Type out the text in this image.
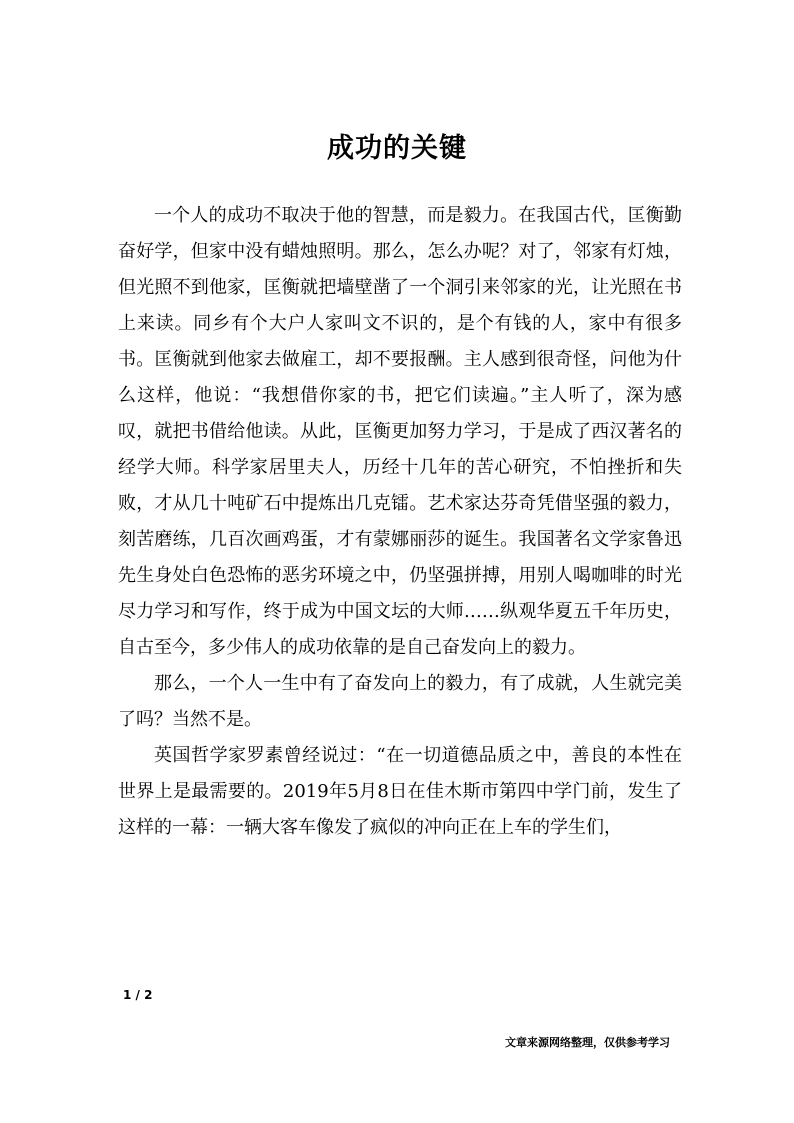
成功的关键

一个人的成功不取决于他的智慧，而是毅力。在我国古代，匡衡勤奋好学，但家中没有蜡烛照明。那么，怎么办呢？对了，邻家有灯烛，但光照不到他家，匡衡就把墙壁凿了一个洞引来邻家的光，让光照在书上来读。同乡有个大户人家叫文不识的，是个有钱的人，家中有很多书。匡衡就到他家去做雇工，却不要报酬。主人感到很奇怪，问他为什么这样，他说：“我想借你家的书，把它们读遍。”主人听了，深为感叹，就把书借给他读。从此，匡衡更加努力学习，于是成了西汉著名的经学大师。科学家居里夫人，历经十几年的苦心研究，不怕挫折和失败，才从几十吨矿石中提炼出几克镭。艺术家达芬奇凭借坚强的毅力，刻苦磨练，几百次画鸡蛋，才有蒙娜丽莎的诞生。我国著名文学家鲁迅先生身处白色恐怖的恶劣环境之中，仍坚强拼搏，用别人喝咖啡的时光尽力学习和写作，终于成为中国文坛的大师……纵观华夏五千年历史，自古至今，多少伟人的成功依靠的是自己奋发向上的毅力。

那么，一个人一生中有了奋发向上的毅力，有了成就，人生就完美了吗？当然不是。

英国哲学家罗素曾经说过：“在一切道德品质之中，善良的本性在世界上是最需要的。2019年5月8日在佳木斯市第四中学门前，发生了这样的一幕：一辆大客车像发了疯似的冲向正在上车的学生们，

1 / 2
文章来源网络整理，仅供参考学习
